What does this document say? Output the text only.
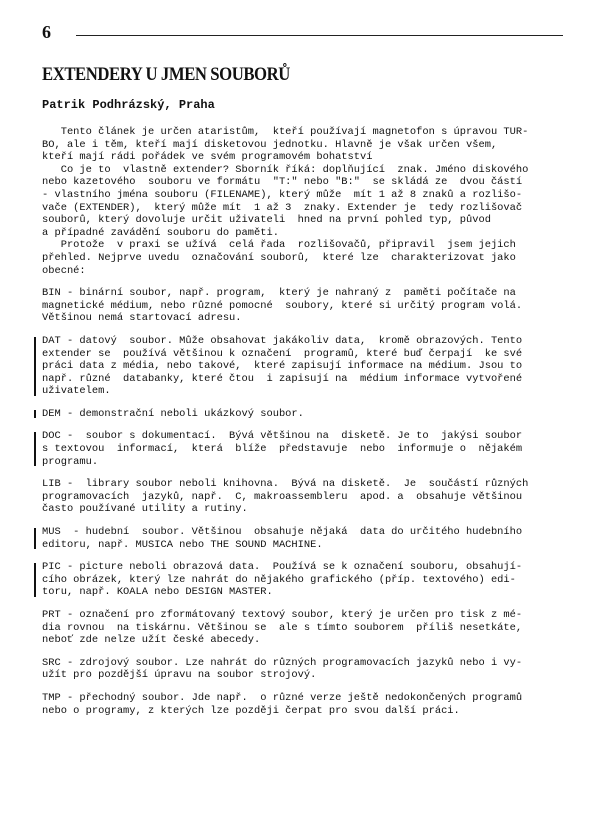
6
EXTENDERY U JMEN SOUBORŮ
Patrik Podhrázský, Praha
Tento článek je určen ataristům,  kteří používají magnetofon s úpravou TUR-
BO, ale i těm, kteří mají disketovou jednotku. Hlavně je však určen všem,
kteří mají rádi pořádek ve svém programovém bohatství
Co je to  vlastně extender? Sborník říká: doplňující  znak. Jméno diskového
nebo kazetového  souboru ve formátu  "T:" nebo "B:"  se skládá ze  dvou částí
- vlastního jména souboru (FILENAME), který může  mít 1 až 8 znaků a rozlišo-
vače (EXTENDER),  který může mít  1 až 3  znaky. Extender je  tedy rozlišovač
souborů, který dovoluje určit uživateli  hned na první pohled typ, původ
a případné zavádění souboru do paměti.
Protože  v praxi se užívá  celá řada  rozlišovačů, připravil  jsem jejich
přehled. Nejprve uvedu  označování souborů,  které lze  charakterizovat jako
obecné:
BIN - binární soubor, např. program,  který je nahraný z  paměti počítače na
magnetické médium, nebo různé pomocné  soubory, které si určitý program volá.
Většinou nemá startovací adresu.
DAT - datový  soubor. Může obsahovat jakákoliv data,  kromě obrazových. Tento
extender se  používá většinou k označení  programů, které buď čerpají  ke své
práci data z média, nebo takové,  které zapisují informace na médium. Jsou to
např. různé  databanky, které čtou  i zapisují na  médium informace vytvořené
uživatelem.
DEM - demonstrační neboli ukázkový soubor.
DOC -  soubor s dokumentací.  Bývá většinou na  disketě. Je to  jakýsi soubor
s textovou  informací,  která  blíže  představuje  nebo  informuje o  nějakém
programu.
LIB -  library soubor neboli knihovna.  Bývá na disketě.  Je  součástí různých
programovacích  jazyků, např.  C, makroassembleru  apod. a  obsahuje většinou
často používané utility a rutiny.
MUS  - hudební  soubor. Většinou  obsahuje nějaká  data do určitého hudebního
editoru, např. MUSICA nebo THE SOUND MACHINE.
PIC - picture neboli obrazová data.  Používá se k označení souboru, obsahují-
cího obrázek, který lze nahrát do nějakého grafického (příp. textového) edi-
toru, např. KOALA nebo DESIGN MASTER.
PRT - označení pro zformátovaný textový soubor, který je určen pro tisk z mé-
dia rovnou  na tiskárnu. Většinou se  ale s tímto souborem  příliš nesetkáte,
neboť zde nelze užít české abecedy.
SRC - zdrojový soubor. Lze nahrát do různých programovacích jazyků nebo i vy-
užít pro pozdější úpravu na soubor strojový.
TMP - přechodný soubor. Jde např.  o různé verze ještě nedokončených programů
nebo o programy, z kterých lze později čerpat pro svou další práci.
